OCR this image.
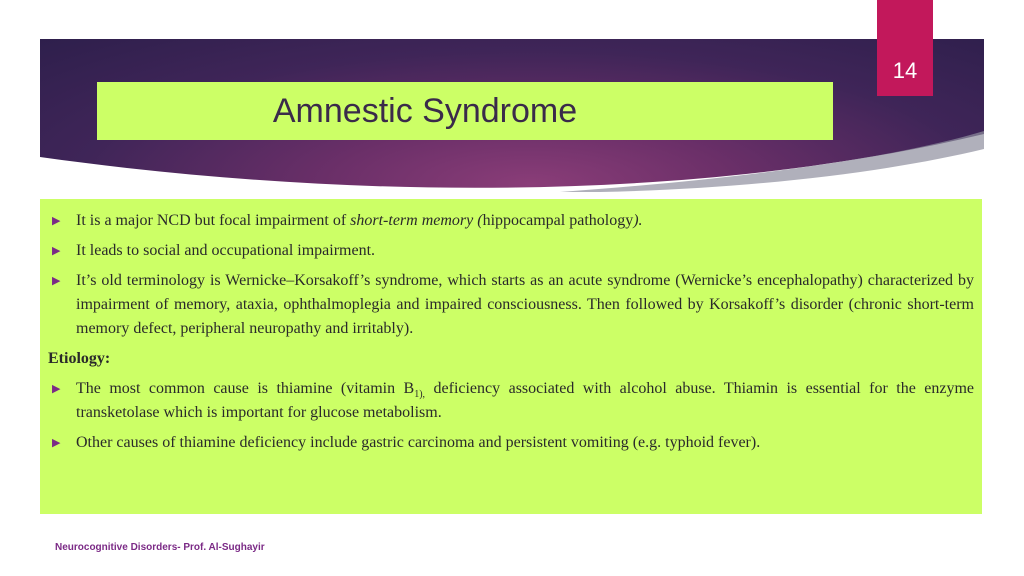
14
Amnestic Syndrome
▶ It is a major NCD but focal impairment of short-term memory (hippocampal pathology).
▶ It leads to social and occupational impairment.
▶ It’s old terminology is Wernicke–Korsakoff’s syndrome, which starts as an acute syndrome (Wernicke’s encephalopathy) characterized by impairment of memory, ataxia, ophthalmoplegia and impaired consciousness. Then followed by Korsakoff’s disorder (chronic short-term memory defect, peripheral neuropathy and irritably).
Etiology:
▶ The most common cause is thiamine (vitamin $B_{1),}$ deficiency associated with alcohol abuse. Thiamin is essential for the enzyme transketolase which is important for glucose metabolism.
▶ Other causes of thiamine deficiency include gastric carcinoma and persistent vomiting (e.g. typhoid fever).
Neurocognitive Disorders- Prof. Al-Sughayir
